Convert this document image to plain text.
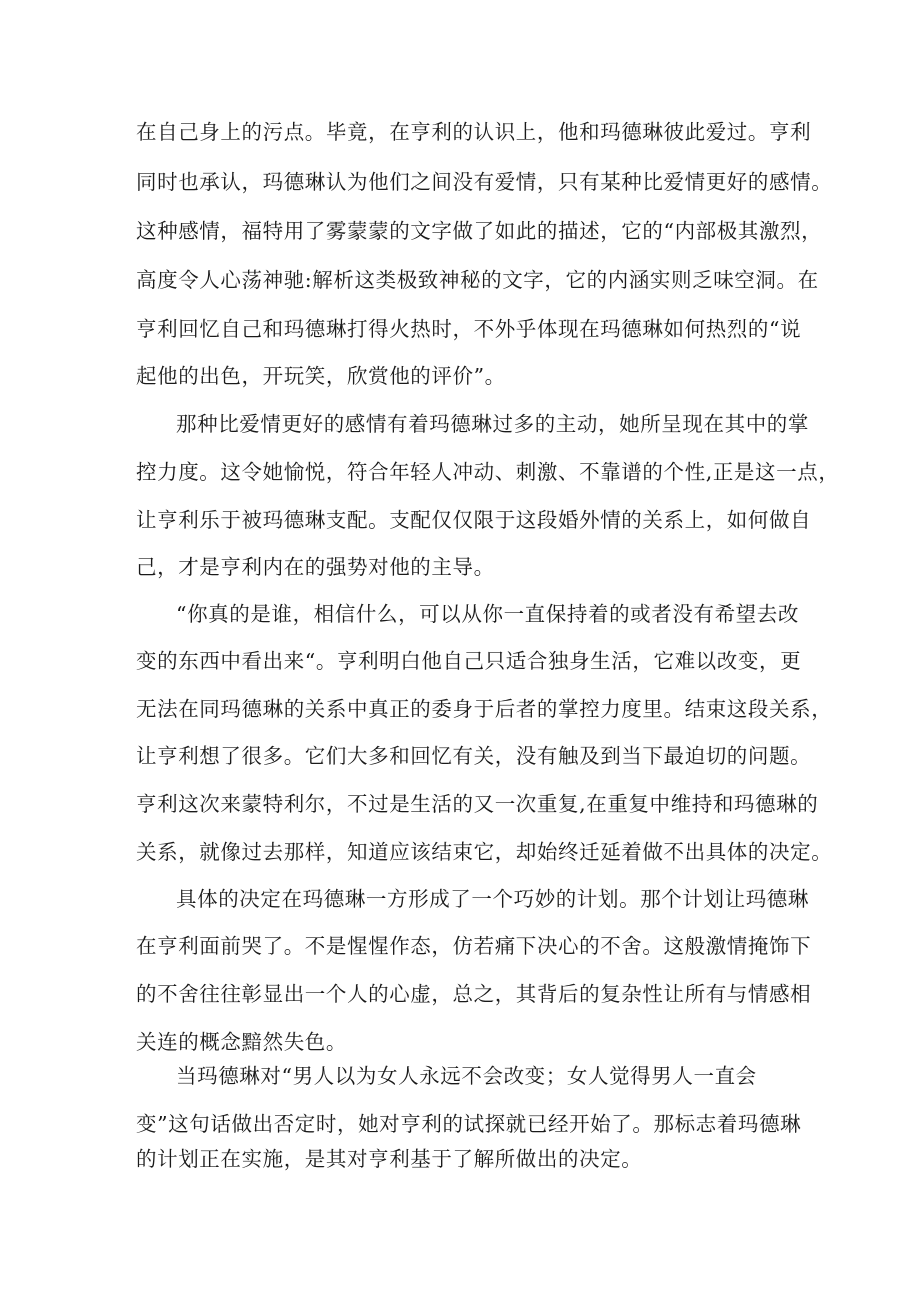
在自己身上的污点。毕竟，在亨利的认识上，他和玛德琳彼此爱过。亨利
同时也承认，玛德琳认为他们之间没有爱情，只有某种比爱情更好的感情。
这种感情，福特用了雾蒙蒙的文字做了如此的描述，它的“内部极其激烈，
高度令人心荡神驰:解析这类极致神秘的文字，它的内涵实则乏味空洞。在
亨利回忆自己和玛德琳打得火热时，不外乎体现在玛德琳如何热烈的“说
起他的出色，开玩笑，欣赏他的评价”。
那种比爱情更好的感情有着玛德琳过多的主动，她所呈现在其中的掌
控力度。这令她愉悦，符合年轻人冲动、刺激、不靠谱的个性,正是这一点，
让亨利乐于被玛德琳支配。支配仅仅限于这段婚外情的关系上，如何做自
己，才是亨利内在的强势对他的主导。
“你真的是谁，相信什么，可以从你一直保持着的或者没有希望去改
变的东西中看出来“。亨利明白他自己只适合独身生活，它难以改变，更
无法在同玛德琳的关系中真正的委身于后者的掌控力度里。结束这段关系，
让亨利想了很多。它们大多和回忆有关，没有触及到当下最迫切的问题。
亨利这次来蒙特利尔，不过是生活的又一次重复,在重复中维持和玛德琳的
关系，就像过去那样，知道应该结束它，却始终迁延着做不出具体的决定。
具体的决定在玛德琳一方形成了一个巧妙的计划。那个计划让玛德琳
在亨利面前哭了。不是惺惺作态，仿若痛下决心的不舍。这般激情掩饰下
的不舍往往彰显出一个人的心虚，总之，其背后的复杂性让所有与情感相
关连的概念黯然失色。
当玛德琳对“男人以为女人永远不会改变；女人觉得男人一直会
变”这句话做出否定时，她对亨利的试探就已经开始了。那标志着玛德琳
的计划正在实施，是其对亨利基于了解所做出的决定。
